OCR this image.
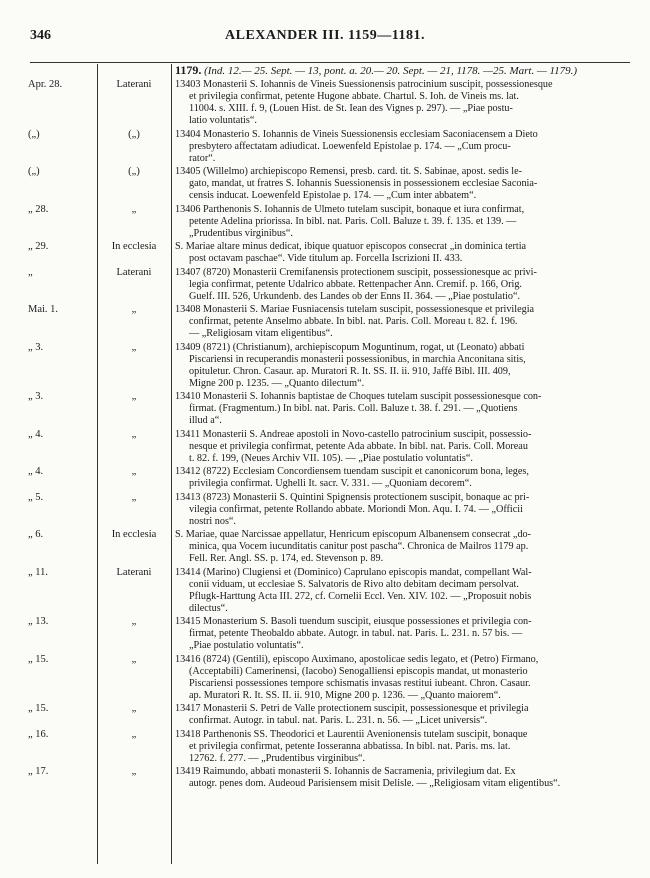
346	ALEXANDER III. 1159—1181.
1179. (Ind. 12.— 25. Sept. — 13, pont. a. 20.— 20. Sept. — 21, 1178. —25. Mart. — 1179.)
Apr. 28.	Laterani	13403 Monasterii S. Iohannis de Vineis Suessionensis patrocinium suscipit, possessionesque
et privilegia confirmat, petente Hugone abbate. Chartul. S. Ioh. de Vineis ms. lat.
11004. s. XIII. f. 9, (Louen Hist. de St. Iean des Vignes p. 297). — „Piae postu-
latio voluntatis“.
(„)	(„)	13404 Monasterio S. Iohannis de Vineis Suessionensis ecclesiam Saconiacensem a Dieto
presbytero affectatam adiudicat. Loewenfeld Epistolae p. 174. — „Cum procu-
rator“.
(„)	(„)	13405 (Willelmo) archiepiscopo Remensi, presb. card. tit. S. Sabinae, apost. sedis le-
gato, mandat, ut fratres S. Iohannis Suessionensis in possessionem ecclesiae Saconia-
censis inducat. Loewenfeld Epistolae p. 174. — „Cum inter abbatem“.
„ 28.	„	13406 Parthenonis S. Iohannis de Ulmeto tutelam suscipit, bonaque et iura confirmat,
petente Adelina priorissa. In bibl. nat. Paris. Coll. Baluze t. 39. f. 135. et 139. —
„Prudentibus virginibus“.
„ 29.	In ecclesia	S. Mariae altare minus dedicat, ibique quatuor episcopos consecrat „in dominica tertia
post octavam paschae“. Vide titulum ap. Forcella Iscrizioni II. 433.
„	Laterani	13407 (8720) Monasterii Cremifanensis protectionem suscipit, possessionesque ac privi-
legia confirmat, petente Udalrico abbate. Rettenpacher Ann. Cremif. p. 166, Orig.
Guelf. III. 526, Urkundenb. des Landes ob der Enns II. 364. — „Piae postulatio“.
Mai. 1.	„	13408 Monasterii S. Mariae Fusniacensis tutelam suscipit, possessionesque et privilegia
confirmat, petente Anselmo abbate. In bibl. nat. Paris. Coll. Moreau t. 82. f. 196.
— „Religiosam vitam eligentibus“.
„ 3.	„	13409 (8721) (Christianum), archiepiscopum Moguntinum, rogat, ut (Leonato) abbati
Piscariensi in recuperandis monasterii possessionibus, in marchia Anconitana sitis,
opituletur. Chron. Casaur. ap. Muratori R. It. SS. II. ii. 910, Jaffé Bibl. III. 409,
Migne 200 p. 1235. — „Quanto dilectum“.
„ 3.	„	13410 Monasterii S. Iohannis baptistae de Choques tutelam suscipit possessionesque con-
firmat. (Fragmentum.) In bibl. nat. Paris. Coll. Baluze t. 38. f. 291. — „Quotiens
illud a“.
„ 4.	„	13411 Monasterii S. Andreae apostoli in Novo-castello patrocinium suscipit, possessio-
nesque et privilegia confirmat, petente Ada abbate. In bibl. nat. Paris. Coll. Moreau
t. 82. f. 199, (Neues Archiv VII. 105). — „Piae postulatio voluntatis“.
„ 4.	„	13412 (8722) Ecclesiam Concordiensem tuendam suscipit et canonicorum bona, leges,
privilegia confirmat. Ughelli It. sacr. V. 331. — „Quoniam decorem“.
„ 5.	„	13413 (8723) Monasterii S. Quintini Spignensis protectionem suscipit, bonaque ac pri-
vilegia confirmat, petente Rollando abbate. Moriondi Mon. Aqu. I. 74. — „Officii
nostri nos“.
„ 6.	In ecclesia	S. Mariae, quae Narcissae appellatur, Henricum episcopum Albanensem consecrat „do-
minica, qua Vocem iucunditatis canitur post pascha“. Chronica de Mailros 1179 ap.
Fell. Rer. Angl. SS. p. 174, ed. Stevenson p. 89.
„ 11.	Laterani	13414 (Marino) Clugiensi et (Dominico) Caprulano episcopis mandat, compellant Wal-
conii viduam, ut ecclesiae S. Salvatoris de Rivo alto debitam decimam persolvat.
Pflugk-Harttung Acta III. 272, cf. Cornelii Eccl. Ven. XIV. 102. — „Proposuit nobis
dilectus“.
„ 13.	„	13415 Monasterium S. Basoli tuendum suscipit, eiusque possessiones et privilegia con-
firmat, petente Theobaldo abbate. Autogr. in tabul. nat. Paris. L. 231. n. 57 bis. —
„Piae postulatio voluntatis“.
„ 15.	„	13416 (8724) (Gentili), episcopo Auximano, apostolicae sedis legato, et (Petro) Firmano,
(Acceptabili) Camerinensi, (Iacobo) Senogalliensi episcopis mandat, ut monasterio
Piscariensi possessiones tempore schismatis invasas restitui iubeant. Chron. Casaur.
ap. Muratori R. It. SS. II. ii. 910, Migne 200 p. 1236. — „Quanto maiorem“.
„ 15.	„	13417 Monasterii S. Petri de Valle protectionem suscipit, possessionesque et privilegia
confirmat. Autogr. in tabul. nat. Paris. L. 231. n. 56. — „Licet universis“.
„ 16.	„	13418 Parthenonis SS. Theodorici et Laurentii Avenionensis tutelam suscipit, bonaque
et privilegia confirmat, petente Iosseranna abbatissa. In bibl. nat. Paris. ms. lat.
12762. f. 277. — „Prudentibus virginibus“.
„ 17.	„	13419 Raimundo, abbati monasterii S. Iohannis de Sacramenia, privilegium dat. Ex
autogr. penes dom. Audeoud Parisiensem misit Delisle. — „Religiosam vitam eligentibus“.
